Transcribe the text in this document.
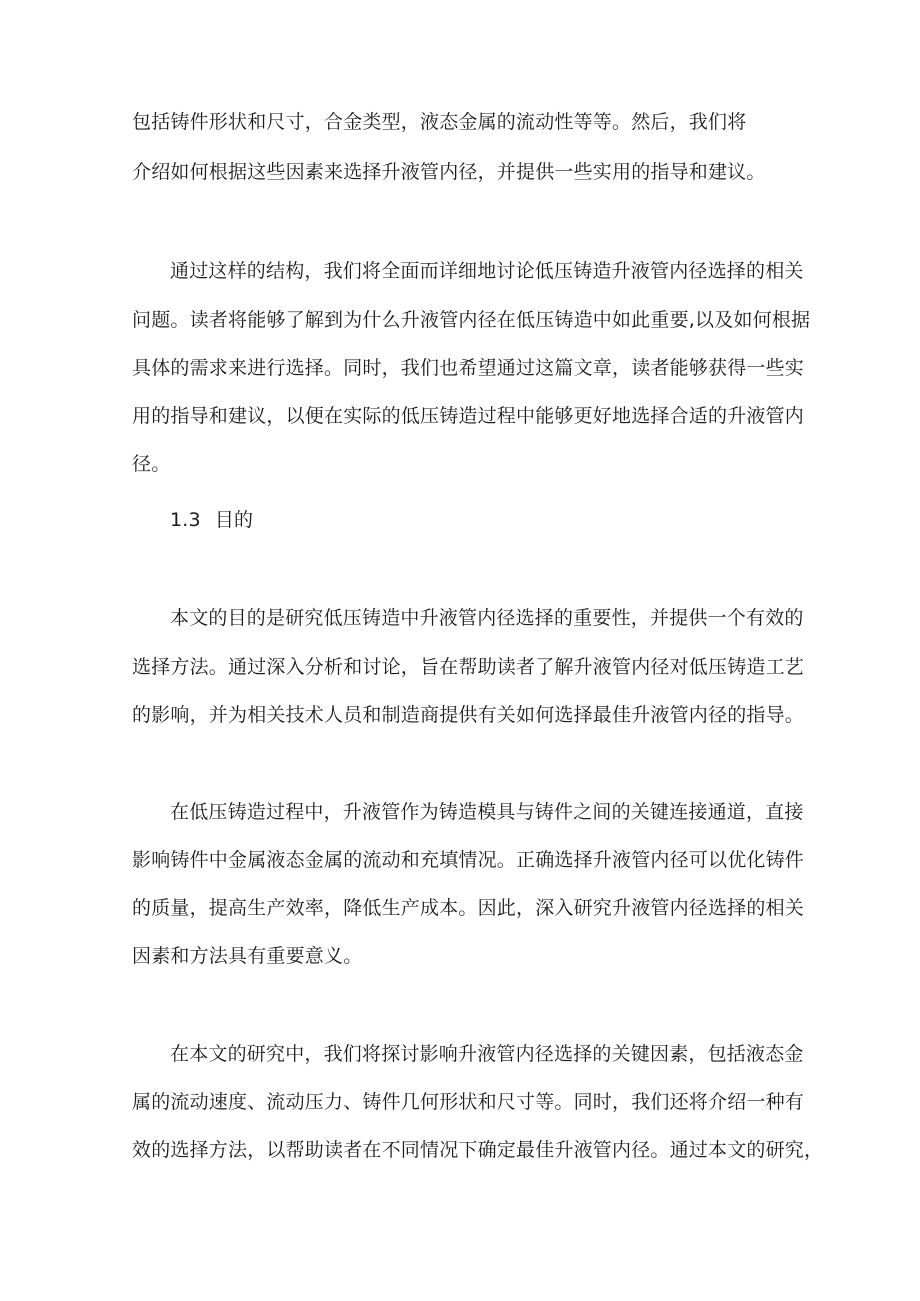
包括铸件形状和尺寸，合金类型，液态金属的流动性等等。然后，我们将
介绍如何根据这些因素来选择升液管内径，并提供一些实用的指导和建议。
通过这样的结构，我们将全面而详细地讨论低压铸造升液管内径选择的相关
问题。读者将能够了解到为什么升液管内径在低压铸造中如此重要,以及如何根据
具体的需求来进行选择。同时，我们也希望通过这篇文章，读者能够获得一些实
用的指导和建议，以便在实际的低压铸造过程中能够更好地选择合适的升液管内
径。
1.3 目的
本文的目的是研究低压铸造中升液管内径选择的重要性，并提供一个有效的
选择方法。通过深入分析和讨论，旨在帮助读者了解升液管内径对低压铸造工艺
的影响，并为相关技术人员和制造商提供有关如何选择最佳升液管内径的指导。
在低压铸造过程中，升液管作为铸造模具与铸件之间的关键连接通道，直接
影响铸件中金属液态金属的流动和充填情况。正确选择升液管内径可以优化铸件
的质量，提高生产效率，降低生产成本。因此，深入研究升液管内径选择的相关
因素和方法具有重要意义。
在本文的研究中，我们将探讨影响升液管内径选择的关键因素，包括液态金
属的流动速度、流动压力、铸件几何形状和尺寸等。同时，我们还将介绍一种有
效的选择方法，以帮助读者在不同情况下确定最佳升液管内径。通过本文的研究，
